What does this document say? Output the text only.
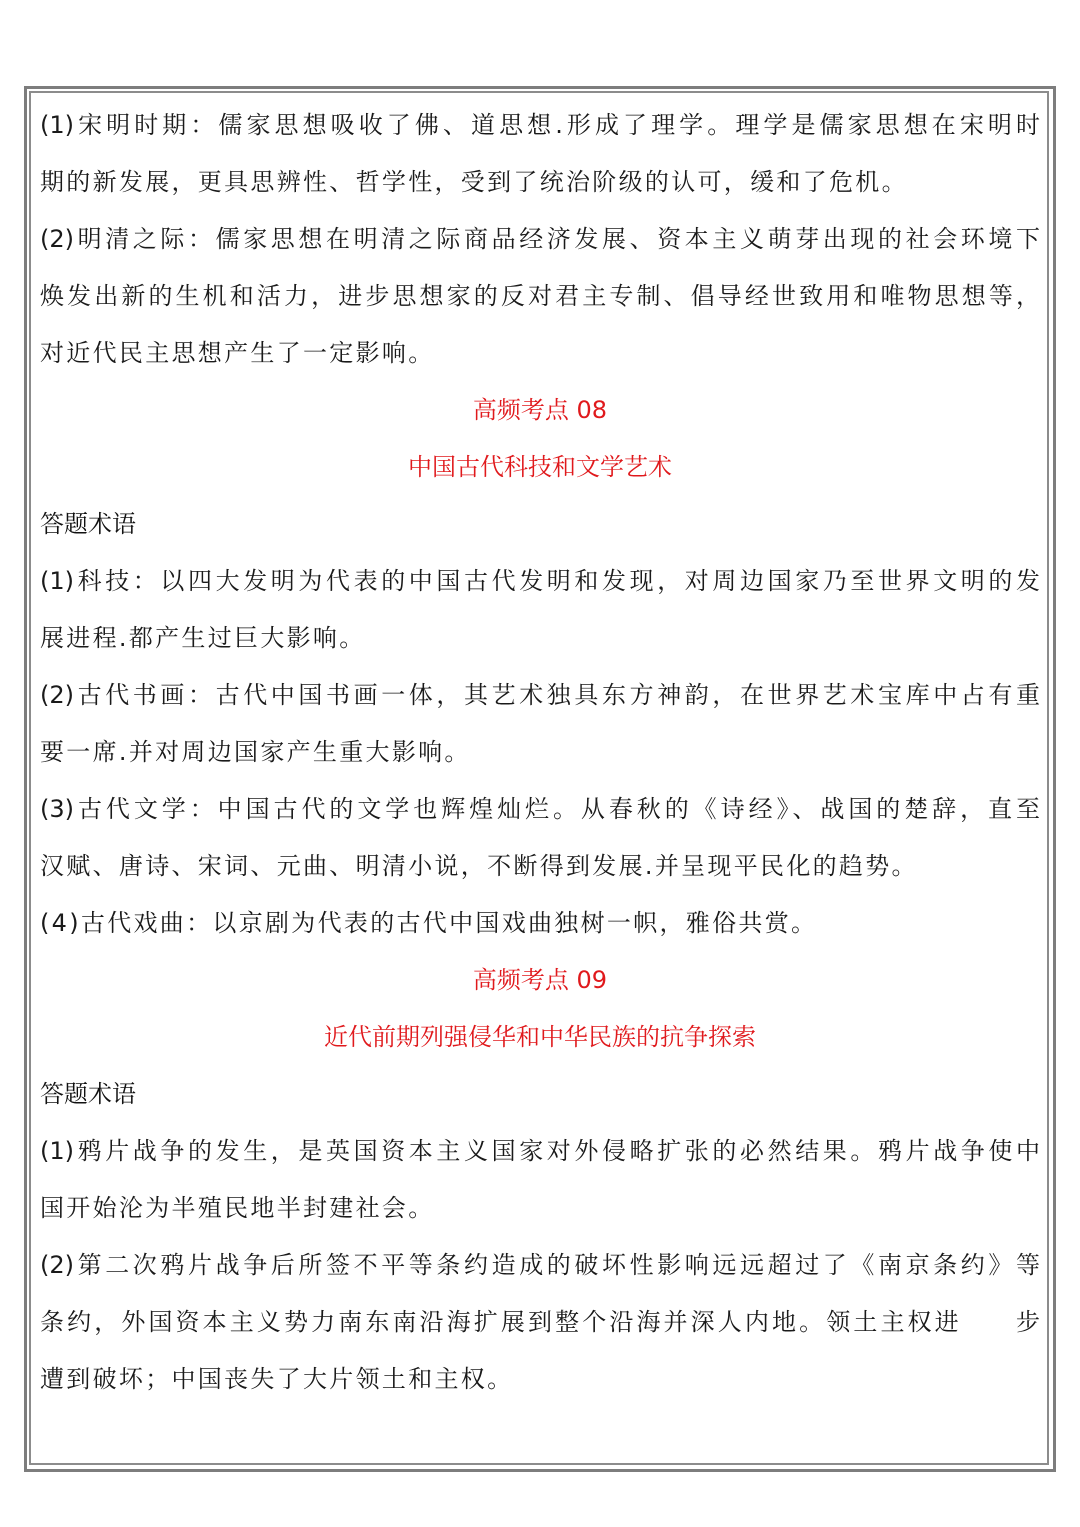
(1)宋明时期：儒家思想吸收了佛、道思想.形成了理学。理学是儒家思想在宋明时
期的新发展，更具思辨性、哲学性，受到了统治阶级的认可，缓和了危机。
(2)明清之际：儒家思想在明清之际商品经济发展、资本主义萌芽出现的社会环境下
焕发出新的生机和活力，进步思想家的反对君主专制、倡导经世致用和唯物思想等，
对近代民主思想产生了一定影响。
高频考点 08
中国古代科技和文学艺术
答题术语
(1)科技：以四大发明为代表的中国古代发明和发现，对周边国家乃至世界文明的发
展进程.都产生过巨大影响。
(2)古代书画：古代中国书画一体，其艺术独具东方神韵，在世界艺术宝库中占有重
要一席.并对周边国家产生重大影响。
(3)古代文学：中国古代的文学也辉煌灿烂。从春秋的《诗经》、战国的楚辞，直至
汉赋、唐诗、宋词、元曲、明清小说，不断得到发展.并呈现平民化的趋势。
(4)古代戏曲：以京剧为代表的古代中国戏曲独树一帜，雅俗共赏。
高频考点 09
近代前期列强侵华和中华民族的抗争探索
答题术语
(1)鸦片战争的发生，是英国资本主义国家对外侵略扩张的必然结果。鸦片战争使中
国开始沦为半殖民地半封建社会。
(2)第二次鸦片战争后所签不平等条约造成的破坏性影响远远超过了《南京条约》等
条约，外国资本主义势力南东南沿海扩展到整个沿海并深人内地。领土主权进　　步
遭到破坏；中国丧失了大片领土和主权。
